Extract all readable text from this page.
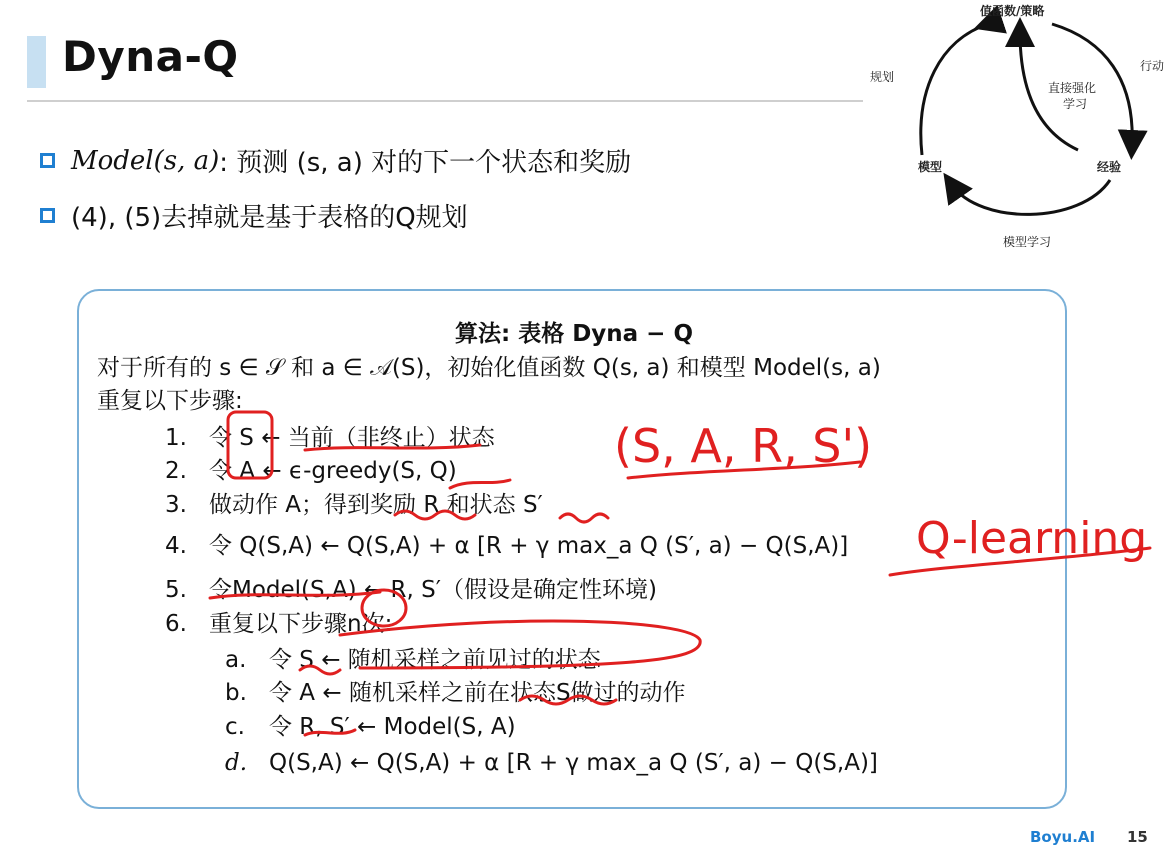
Dyna-Q
Model(s, a) : 预测 (s, a) 对的下一个状态和奖励
(4), (5)去掉就是基于表格的Q规划
值函数/策略
行动
规划
直接强化
学习
模型	经验
模型学习
算法: 表格 Dyna − Q
对于所有的 s ∈ 𝒮 和 a ∈ 𝒜(S)，初始化值函数 Q(s, a) 和模型 Model(s, a)
重复以下步骤:
1. 令 S ← 当前（非终止）状态
2. 令 A ← ϵ-greedy(S, Q)
3. 做动作 A；得到奖励 R 和状态 S′
4. 令 Q(S,A) ← Q(S,A) + α [R + γ max_a Q (S′, a) − Q(S,A)]
5. 令Model(S,A) ← R, S′（假设是确定性环境)
6. 重复以下步骤n次:
a. 令 S ← 随机采样之前见过的状态
b. 令 A ← 随机采样之前在状态S做过的动作
c. 令 R, S′ ← Model(S, A)
d. Q(S,A) ← Q(S,A) + α [R + γ max_a Q (S′, a) − Q(S,A)]
(S, A, R, S')
Q-learning
Boyu.AI 15
